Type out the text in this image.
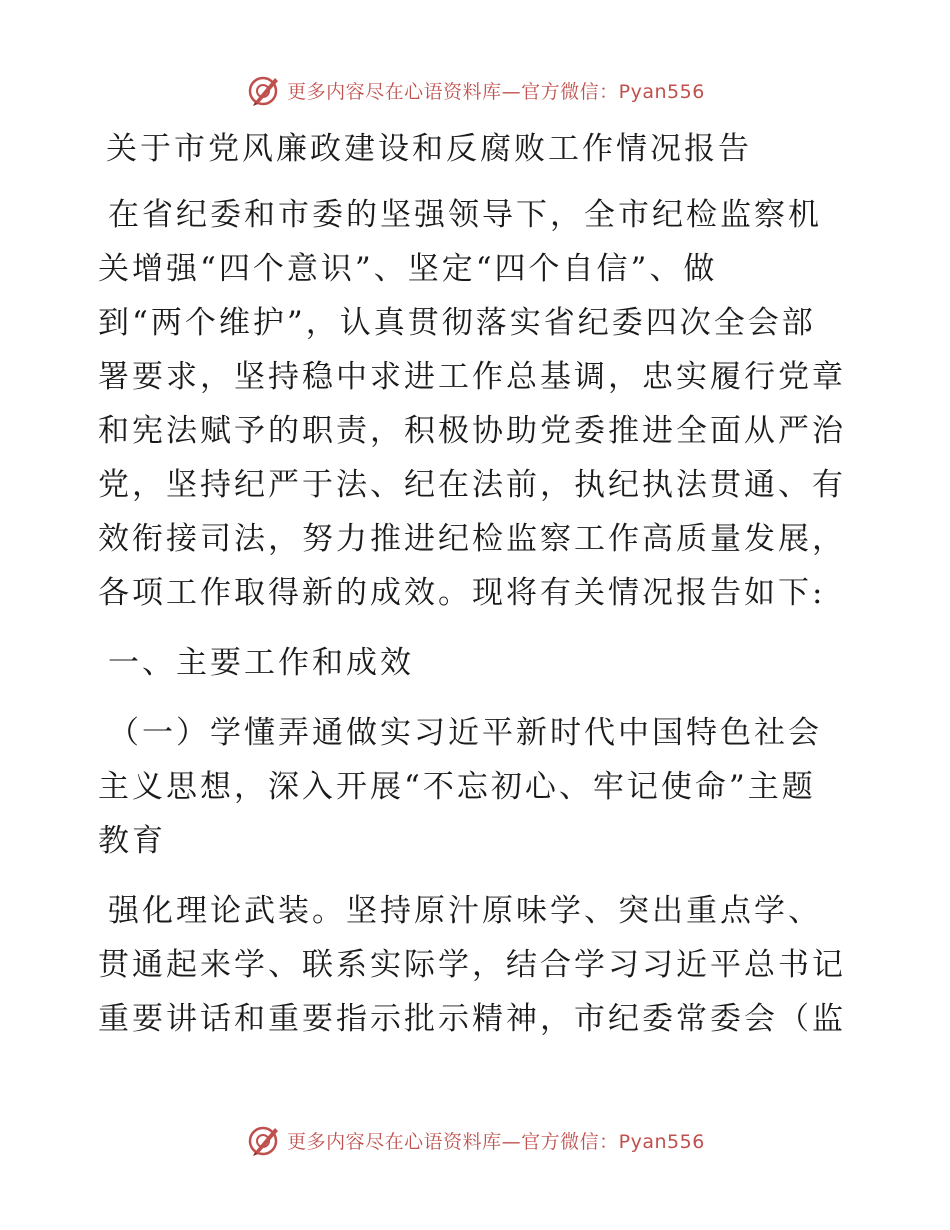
更多内容尽在心语资料库—官方微信：Pyan556

关于市党风廉政建设和反腐败工作情况报告

在省纪委和市委的坚强领导下，全市纪检监察机

关增强“四个意识”、坚定“四个自信”、做

到“两个维护”，认真贯彻落实省纪委四次全会部

署要求，坚持稳中求进工作总基调，忠实履行党章

和宪法赋予的职责，积极协助党委推进全面从严治

党，坚持纪严于法、纪在法前，执纪执法贯通、有

效衔接司法，努力推进纪检监察工作高质量发展，

各项工作取得新的成效。现将有关情况报告如下:

一、主要工作和成效

（一）学懂弄通做实习近平新时代中国特色社会

主义思想，深入开展“不忘初心、牢记使命”主题

教育

强化理论武装。坚持原汁原味学、突出重点学、

贯通起来学、联系实际学，结合学习习近平总书记

重要讲话和重要指示批示精神，市纪委常委会（监

更多内容尽在心语资料库—官方微信：Pyan556
